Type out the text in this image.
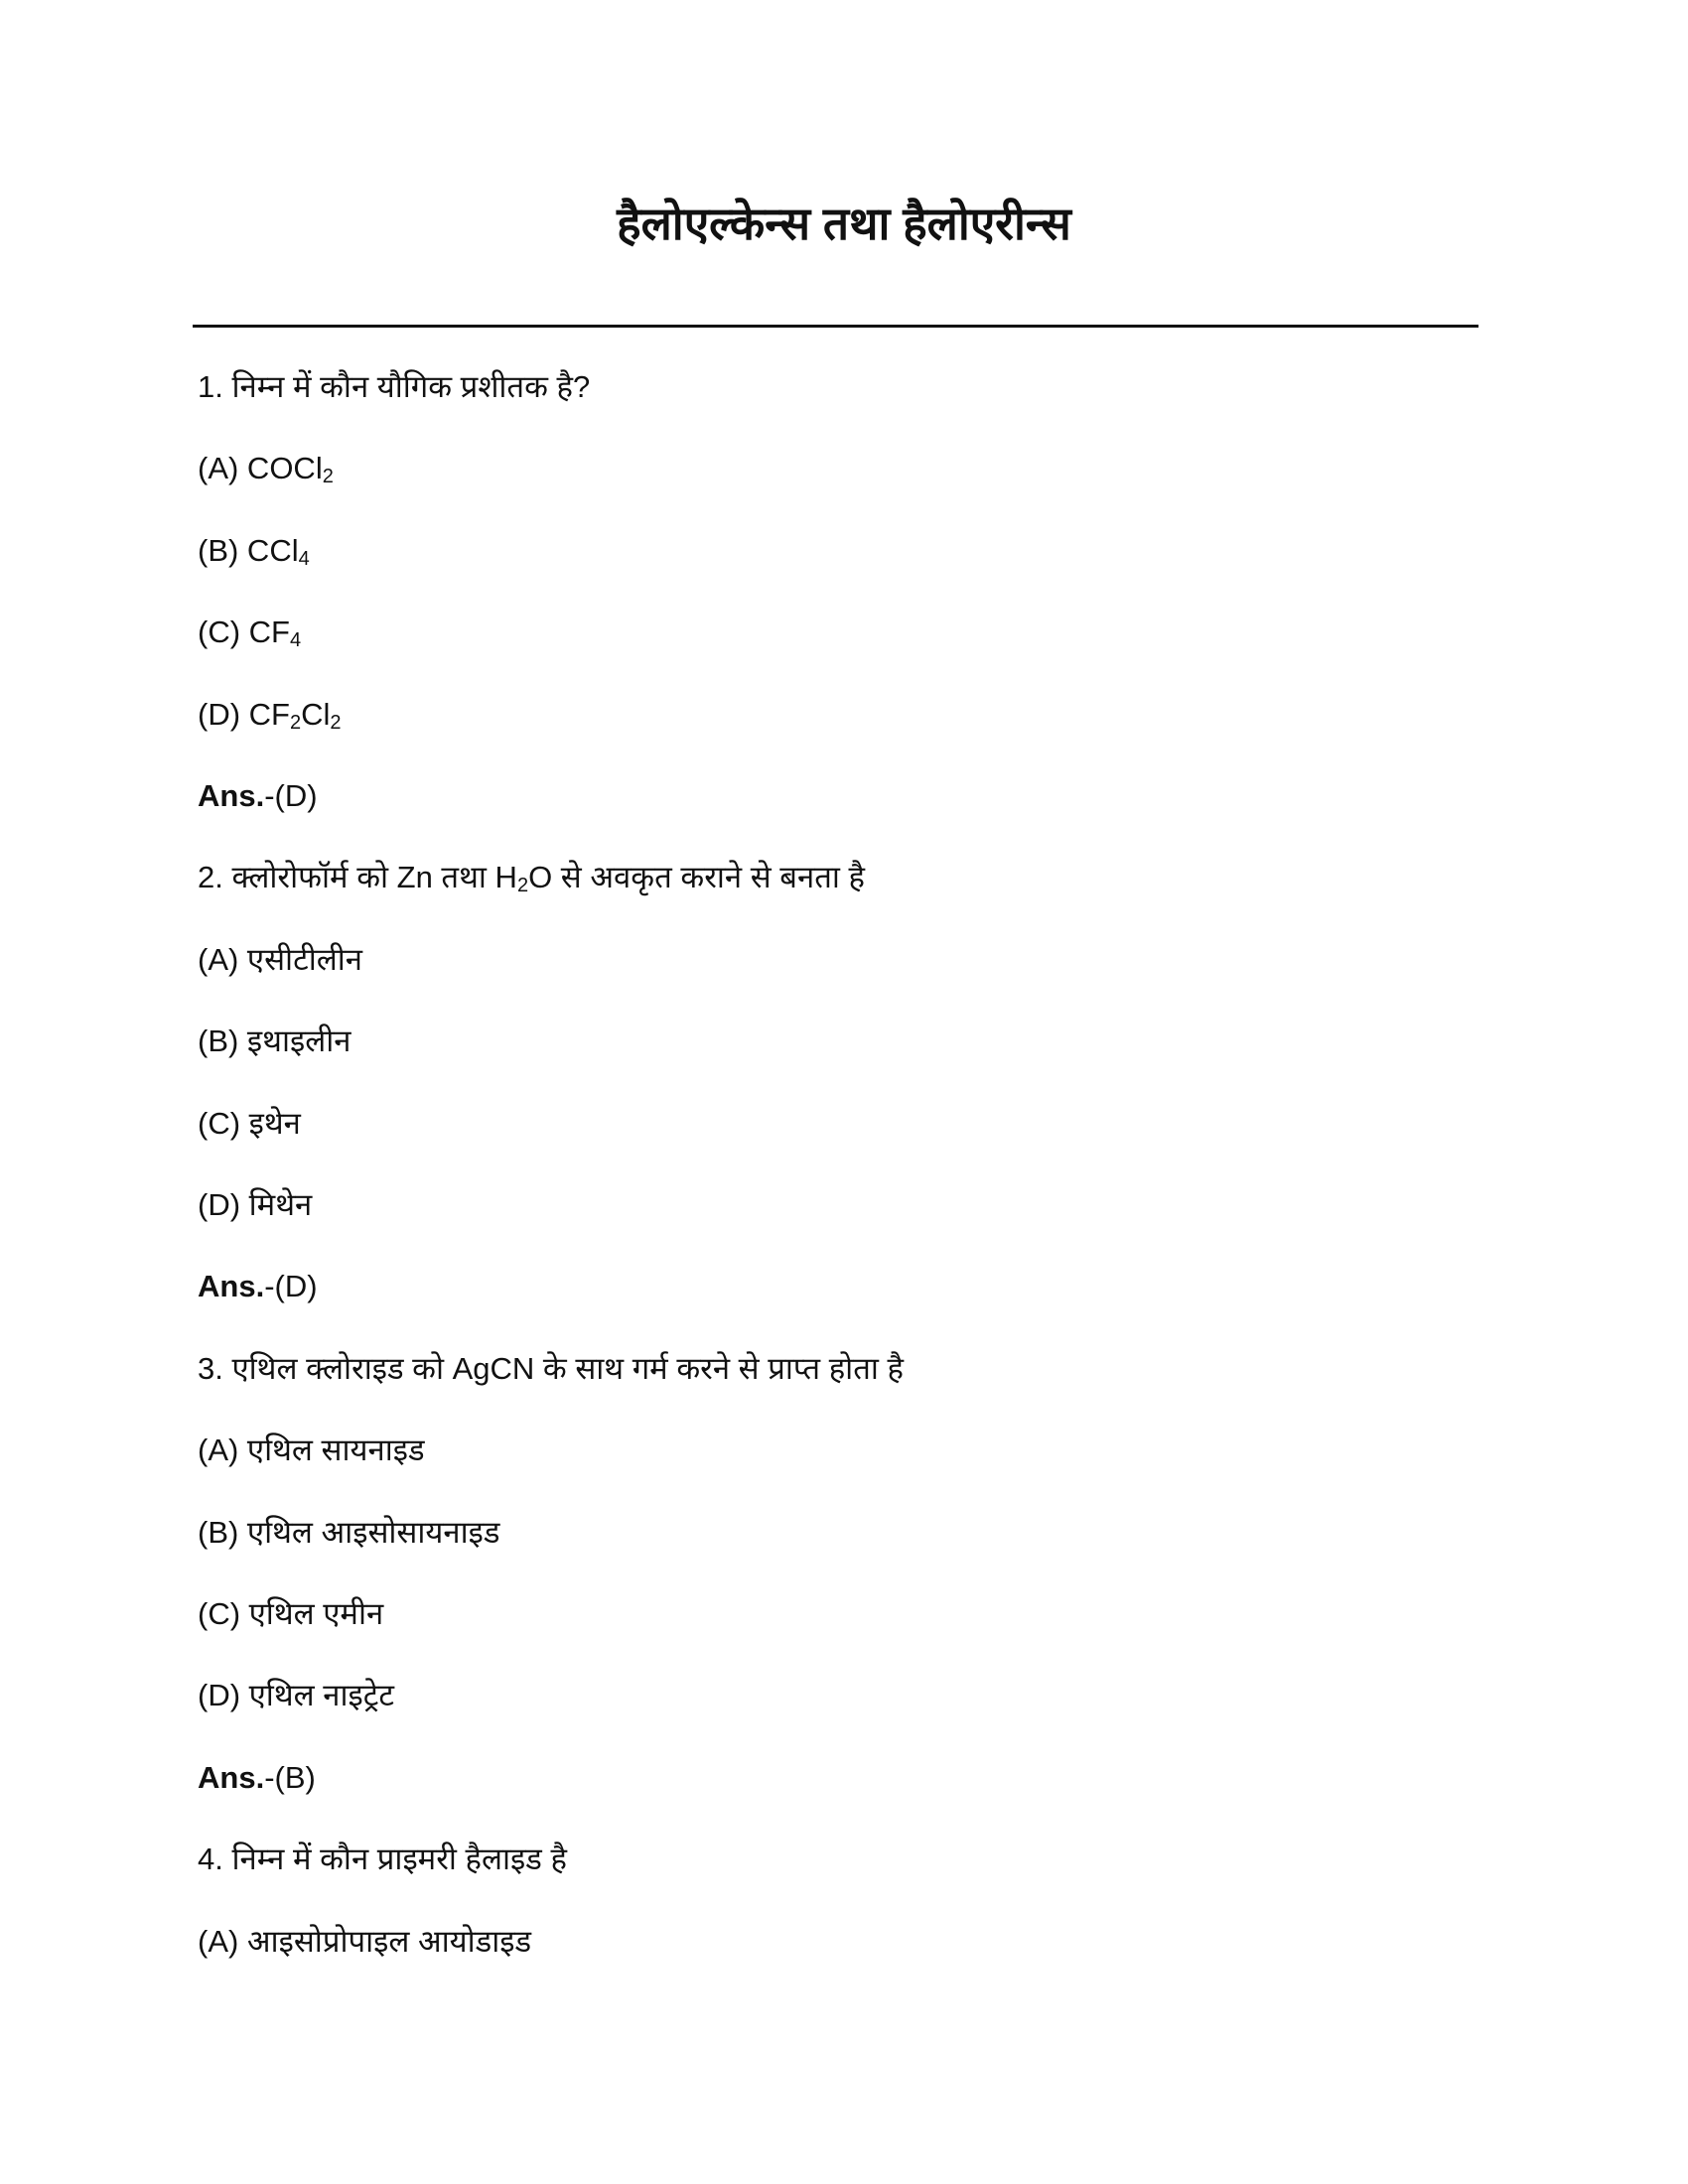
हैलोएल्केन्स तथा हैलोएरीन्स
1. निम्न में कौन यौगिक प्रशीतक है?
(A) COCl$_2$
(B) CCl$_4$
(C) $CF_4$
(D) $CF_2Cl_2$
Ans.-(D)
2. क्लोरोफॉर्म को Zn तथा $H_2O$ से अवकृत कराने से बनता है
(A) एसीटीलीन
(B) इथाइलीन
(C) इथेन
(D) मिथेन
Ans.-(D)
3. एथिल क्लोराइड को AgCN के साथ गर्म करने से प्राप्त होता है
(A) एथिल सायनाइड
(B) एथिल आइसोसायनाइड
(C) एथिल एमीन
(D) एथिल नाइट्रेट
Ans.-(B)
4. निम्न में कौन प्राइमरी हैलाइड है
(A) आइसोप्रोपाइल आयोडाइड
